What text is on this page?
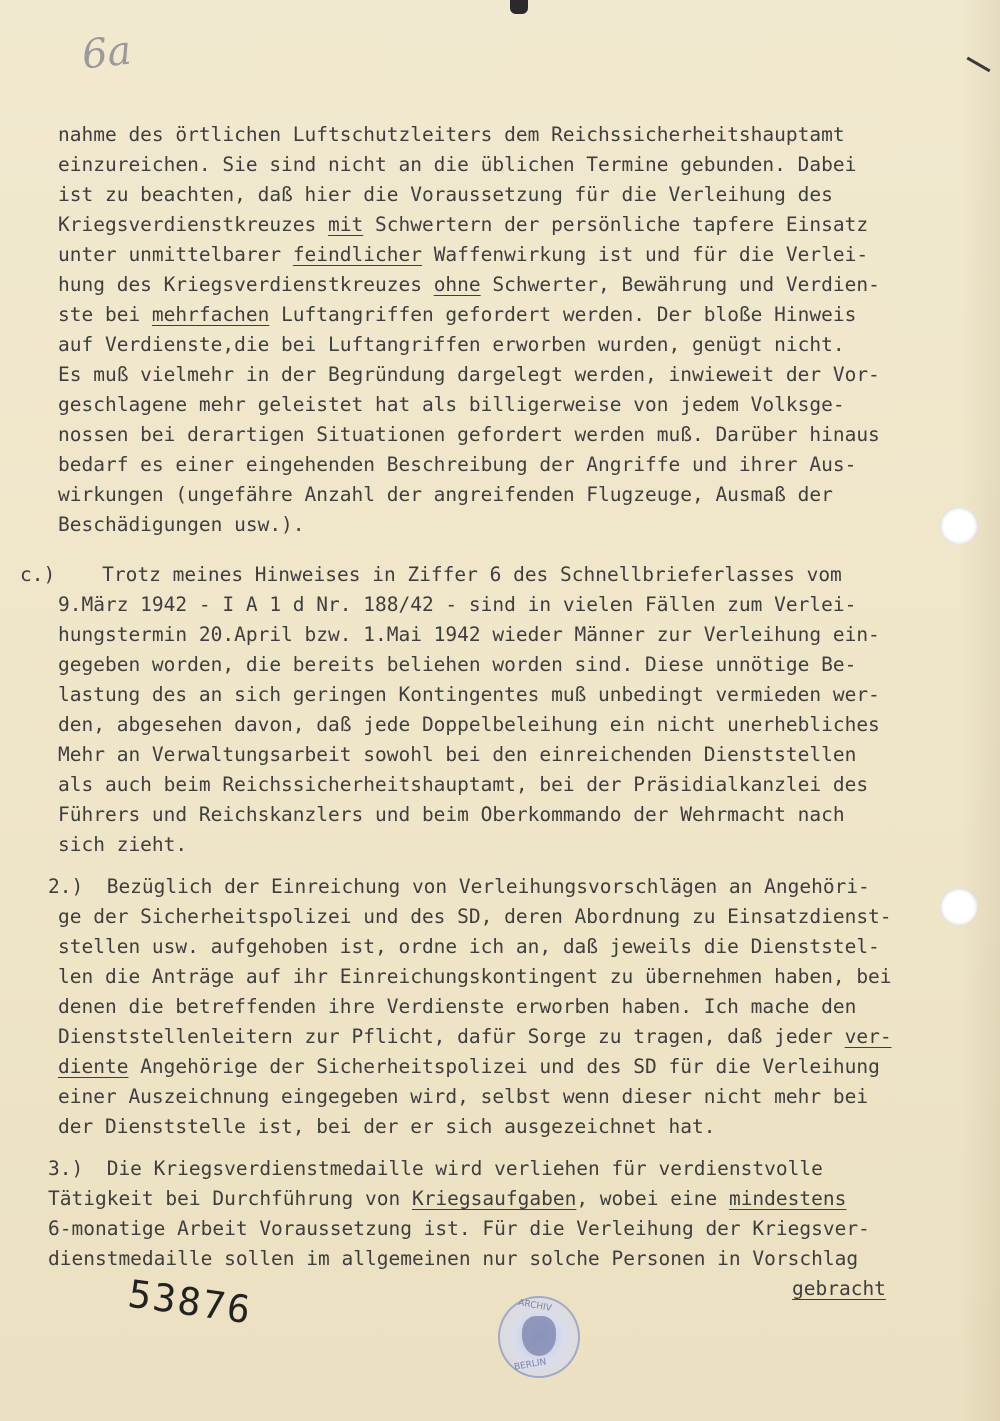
6a
nahme des örtlichen Luftschutzleiters dem Reichssicherheitshauptamt
einzureichen. Sie sind nicht an die üblichen Termine gebunden. Dabei
ist zu beachten, daß hier die Voraussetzung für die Verleihung des
Kriegsverdienstkreuzes mit Schwertern der persönliche tapfere Einsatz
unter unmittelbarer feindlicher Waffenwirkung ist und für die Verlei-
hung des Kriegsverdienstkreuzes ohne Schwerter, Bewährung und Verdien-
ste bei mehrfachen Luftangriffen gefordert werden. Der bloße Hinweis
auf Verdienste,die bei Luftangriffen erworben wurden, genügt nicht.
Es muß vielmehr in der Begründung dargelegt werden, inwieweit der Vor-
geschlagene mehr geleistet hat als billigerweise von jedem Volksge-
nossen bei derartigen Situationen gefordert werden muß. Darüber hinaus
bedarf es einer eingehenden Beschreibung der Angriffe und ihrer Aus-
wirkungen (ungefähre Anzahl der angreifenden Flugzeuge, Ausmaß der
Beschädigungen usw.).
c.)    Trotz meines Hinweises in Ziffer 6 des Schnellbrieferlasses vom
9.März 1942 - I A 1 d Nr. 188/42 - sind in vielen Fällen zum Verlei-
hungstermin 20.April bzw. 1.Mai 1942 wieder Männer zur Verleihung ein-
gegeben worden, die bereits beliehen worden sind. Diese unnötige Be-
lastung des an sich geringen Kontingentes muß unbedingt vermieden wer-
den, abgesehen davon, daß jede Doppelbeleihung ein nicht unerhebliches
Mehr an Verwaltungsarbeit sowohl bei den einreichenden Dienststellen
als auch beim Reichssicherheitshauptamt, bei der Präsidialkanzlei des
Führers und Reichskanzlers und beim Oberkommando der Wehrmacht nach
sich zieht.
2.)  Bezüglich der Einreichung von Verleihungsvorschlägen an Angehöri-
ge der Sicherheitspolizei und des SD, deren Abordnung zu Einsatzdienst-
stellen usw. aufgehoben ist, ordne ich an, daß jeweils die Dienststel-
len die Anträge auf ihr Einreichungskontingent zu übernehmen haben, bei
denen die betreffenden ihre Verdienste erworben haben. Ich mache den
Dienststellenleitern zur Pflicht, dafür Sorge zu tragen, daß jeder ver-
diente Angehörige der Sicherheitspolizei und des SD für die Verleihung
einer Auszeichnung eingegeben wird, selbst wenn dieser nicht mehr bei
der Dienststelle ist, bei der er sich ausgezeichnet hat.
3.)  Die Kriegsverdienstmedaille wird verliehen für verdienstvolle
Tätigkeit bei Durchführung von Kriegsaufgaben, wobei eine mindestens
6-monatige Arbeit Voraussetzung ist. Für die Verleihung der Kriegsver-
dienstmedaille sollen im allgemeinen nur solche Personen in Vorschlag
gebracht
53876	ARCHIV
BERLIN
